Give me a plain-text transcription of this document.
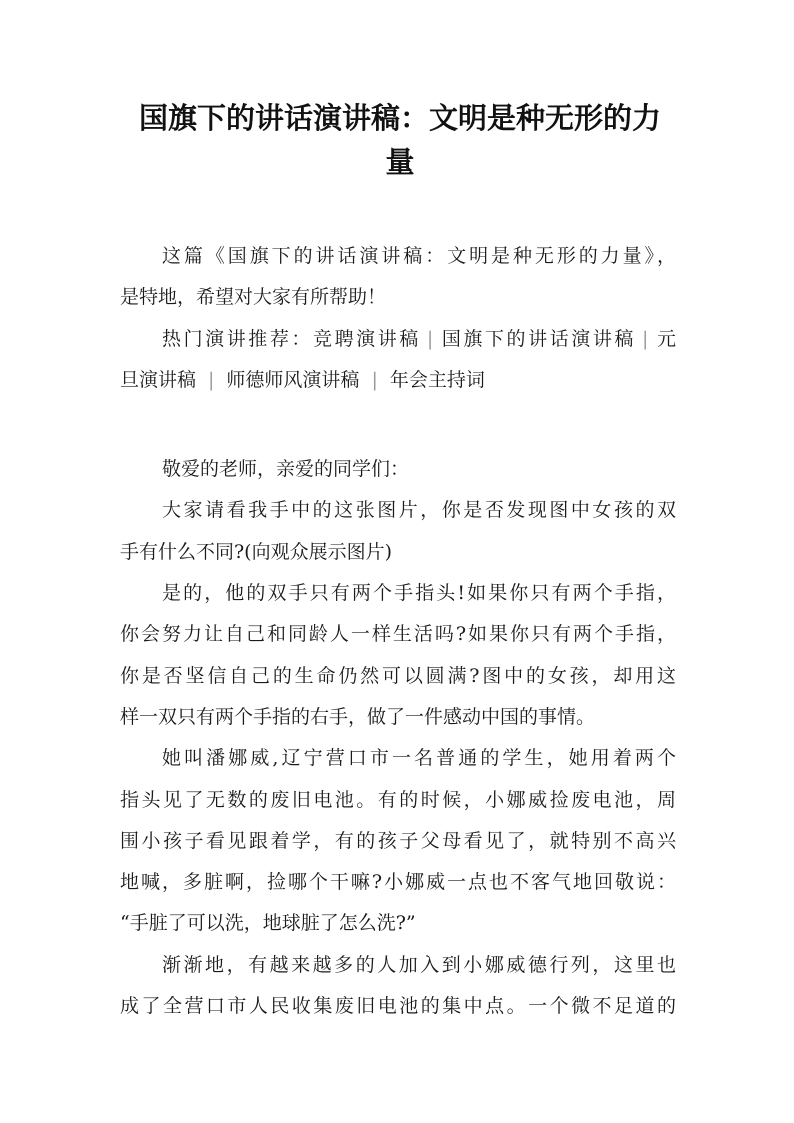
国旗下的讲话演讲稿：文明是种无形的力
量
这篇《国旗下的讲话演讲稿：文明是种无形的力量》，
是特地，希望对大家有所帮助！
热门演讲推荐：竞聘演讲稿 | 国旗下的讲话演讲稿 | 元
旦演讲稿 | 师德师风演讲稿 | 年会主持词
敬爱的老师，亲爱的同学们：
大家请看我手中的这张图片，你是否发现图中女孩的双
手有什么不同?(向观众展示图片)
是的，他的双手只有两个手指头!如果你只有两个手指，
你会努力让自己和同龄人一样生活吗?如果你只有两个手指，
你是否坚信自己的生命仍然可以圆满?图中的女孩，却用这
样一双只有两个手指的右手，做了一件感动中国的事情。
她叫潘娜威,辽宁营口市一名普通的学生，她用着两个
指头见了无数的废旧电池。有的时候，小娜威捡废电池，周
围小孩子看见跟着学，有的孩子父母看见了，就特别不高兴
地喊，多脏啊，捡哪个干嘛?小娜威一点也不客气地回敬说：
“手脏了可以洗，地球脏了怎么洗?”
渐渐地，有越来越多的人加入到小娜威德行列，这里也
成了全营口市人民收集废旧电池的集中点。一个微不足道的
